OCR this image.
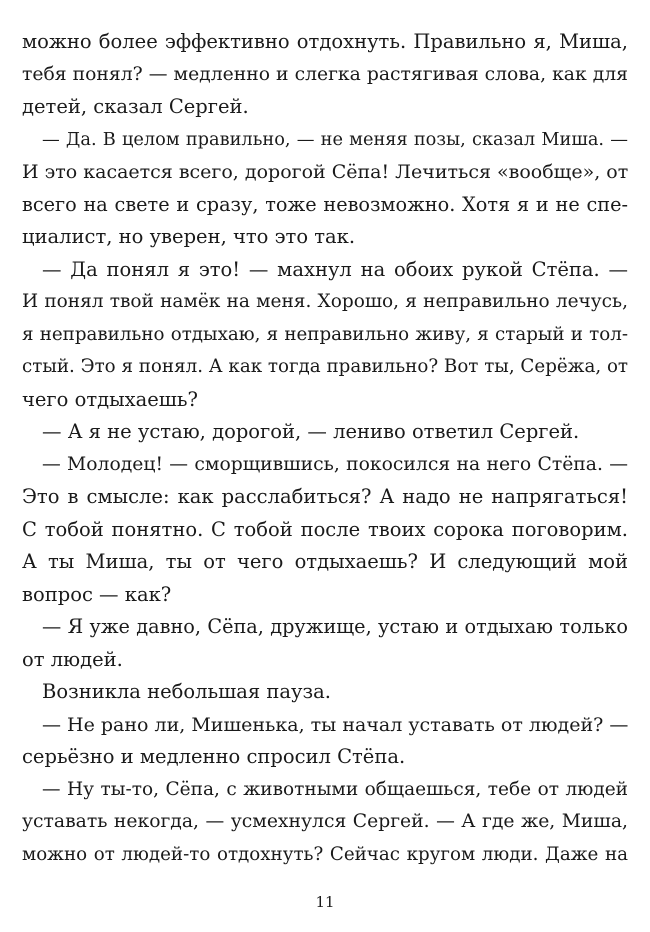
можно более эффективно отдохнуть. Правильно я, Миша,
тебя понял? — медленно и слегка растягивая слова, как для
детей, сказал Сергей.
— Да. В целом правильно, — не меняя позы, сказал Миша. —
И это касается всего, дорогой Сёпа! Лечиться «вообще», от
всего на свете и сразу, тоже невозможно. Хотя я и не спе-
циалист, но уверен, что это так.
— Да понял я это! — махнул на обоих рукой Стёпа. —
И понял твой намёк на меня. Хорошо, я неправильно лечусь,
я неправильно отдыхаю, я неправильно живу, я старый и тол-
стый. Это я понял. А как тогда правильно? Вот ты, Серёжа, от
чего отдыхаешь?
— А я не устаю, дорогой, — лениво ответил Сергей.
— Молодец! — сморщившись, покосился на него Стёпа. —
Это в смысле: как расслабиться? А надо не напрягаться!
С тобой понятно. С тобой после твоих сорока поговорим.
А ты Миша, ты от чего отдыхаешь? И следующий мой
вопрос — как?
— Я уже давно, Сёпа, дружище, устаю и отдыхаю только
от людей.
Возникла небольшая пауза.
— Не рано ли, Мишенька, ты начал уставать от людей? —
серьёзно и медленно спросил Стёпа.
— Ну ты-то, Сёпа, с животными общаешься, тебе от людей
уставать некогда, — усмехнулся Сергей. — А где же, Миша,
можно от людей-то отдохнуть? Сейчас кругом люди. Даже на
11
